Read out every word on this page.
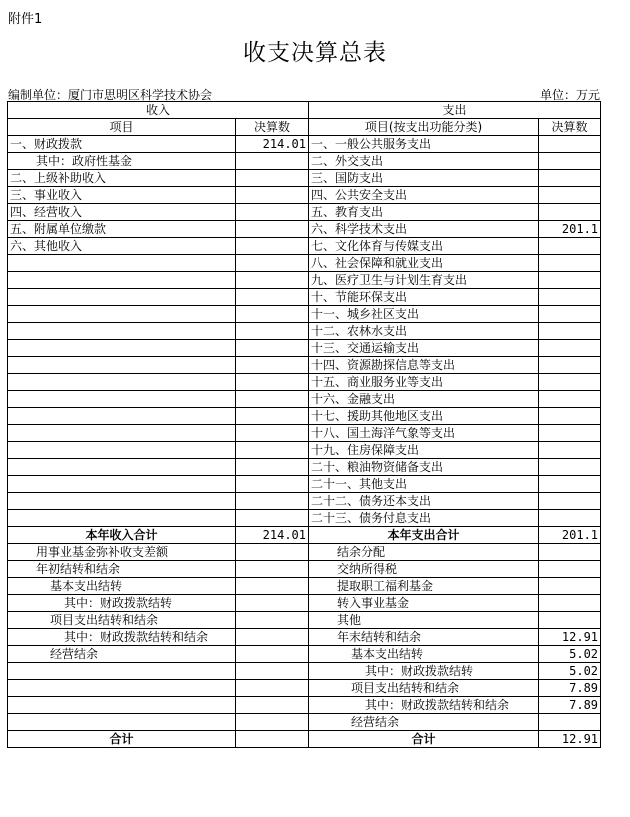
附件1
收支决算总表
编制单位：厦门市思明区科学技术协会	单位：万元
收入		支出	
项目	决算数	项目(按支出功能分类)	决算数
一、财政拨款	214.01	一、一般公共服务支出	
其中：政府性基金		二、外交支出	
二、上级补助收入		三、国防支出	
三、事业收入		四、公共安全支出	
四、经营收入		五、教育支出	
五、附属单位缴款		六、科学技术支出	201.1
六、其他收入		七、文化体育与传媒支出	
		八、社会保障和就业支出	
		九、医疗卫生与计划生育支出	
		十、节能环保支出	
		十一、城乡社区支出	
		十二、农林水支出	
		十三、交通运输支出	
		十四、资源勘探信息等支出	
		十五、商业服务业等支出	
		十六、金融支出	
		十七、援助其他地区支出	
		十八、国土海洋气象等支出	
		十九、住房保障支出	
		二十、粮油物资储备支出	
		二十一、其他支出	
		二十二、债务还本支出	
		二十三、债务付息支出	
本年收入合计	214.01	本年支出合计	201.1
用事业基金弥补收支差额		结余分配	
年初结转和结余		交纳所得税	
基本支出结转		提取职工福利基金	
其中：财政拨款结转		转入事业基金	
项目支出结转和结余		其他	
其中：财政拨款结转和结余		年末结转和结余	12.91
经营结余		基本支出结转	5.02
		其中：财政拨款结转	5.02
		项目支出结转和结余	7.89
		其中：财政拨款结转和结余	7.89
		经营结余	
合计		合计	12.91
